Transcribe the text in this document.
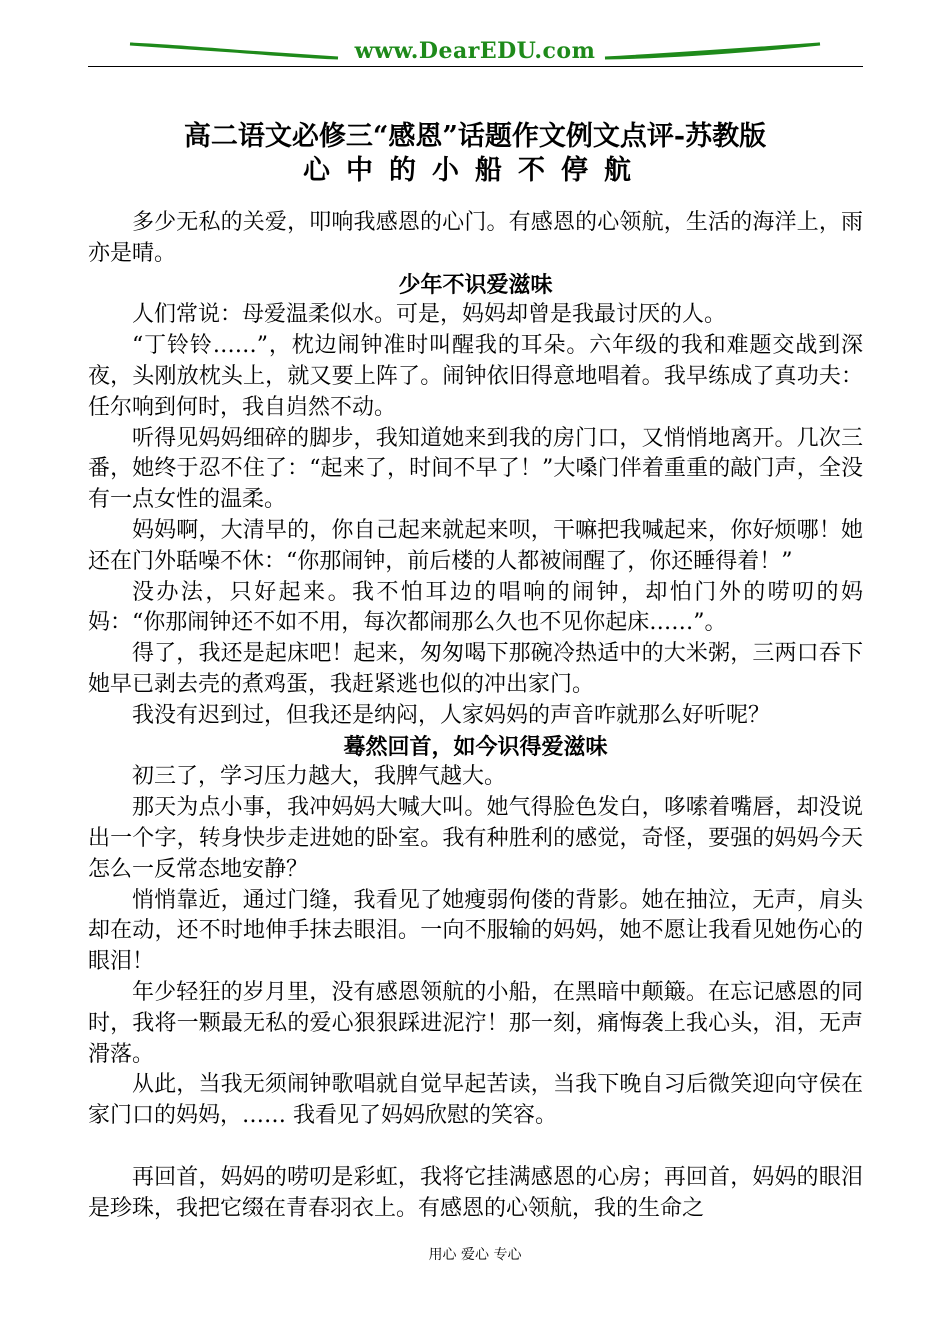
www.DearEDU.com
高二语文必修三“感恩”话题作文例文点评-苏教版
心中的小船不停航

多少无私的关爱，叩响我感恩的心门。有感恩的心领航，生活的海洋上，雨亦是晴。

少年不识爱滋味

人们常说：母爱温柔似水。可是，妈妈却曾是我最讨厌的人。

“丁铃铃……”，枕边闹钟准时叫醒我的耳朵。六年级的我和难题交战到深夜，头刚放枕头上，就又要上阵了。闹钟依旧得意地唱着。我早练成了真功夫：任尔响到何时，我自岿然不动。

听得见妈妈细碎的脚步，我知道她来到我的房门口，又悄悄地离开。几次三番，她终于忍不住了：“起来了，时间不早了！”大嗓门伴着重重的敲门声，全没有一点女性的温柔。

妈妈啊，大清早的，你自己起来就起来呗，干嘛把我喊起来，你好烦哪！她还在门外聒噪不休：“你那闹钟，前后楼的人都被闹醒了，你还睡得着！”

没办法，只好起来。我不怕耳边的唱响的闹钟，却怕门外的唠叨的妈妈：“你那闹钟还不如不用，每次都闹那么久也不见你起床……”。

得了，我还是起床吧！起来，匆匆喝下那碗冷热适中的大米粥，三两口吞下她早已剥去壳的煮鸡蛋，我赶紧逃也似的冲出家门。

我没有迟到过，但我还是纳闷，人家妈妈的声音咋就那么好听呢？

蓦然回首，如今识得爱滋味

初三了，学习压力越大，我脾气越大。

那天为点小事，我冲妈妈大喊大叫。她气得脸色发白，哆嗦着嘴唇，却没说出一个字，转身快步走进她的卧室。我有种胜利的感觉，奇怪，要强的妈妈今天怎么一反常态地安静？

悄悄靠近，通过门缝，我看见了她瘦弱佝偻的背影。她在抽泣，无声，肩头却在动，还不时地伸手抹去眼泪。一向不服输的妈妈，她不愿让我看见她伤心的眼泪！

年少轻狂的岁月里，没有感恩领航的小船，在黑暗中颠簸。在忘记感恩的同时，我将一颗最无私的爱心狠狠踩进泥泞！那一刻，痛悔袭上我心头，泪，无声滑落。

从此，当我无须闹钟歌唱就自觉早起苦读，当我下晚自习后微笑迎向守侯在家门口的妈妈，…… 我看见了妈妈欣慰的笑容。

再回首，妈妈的唠叨是彩虹，我将它挂满感恩的心房；再回首，妈妈的眼泪是珍珠，我把它缀在青春羽衣上。有感恩的心领航，我的生命之

用心 爱心 专心
